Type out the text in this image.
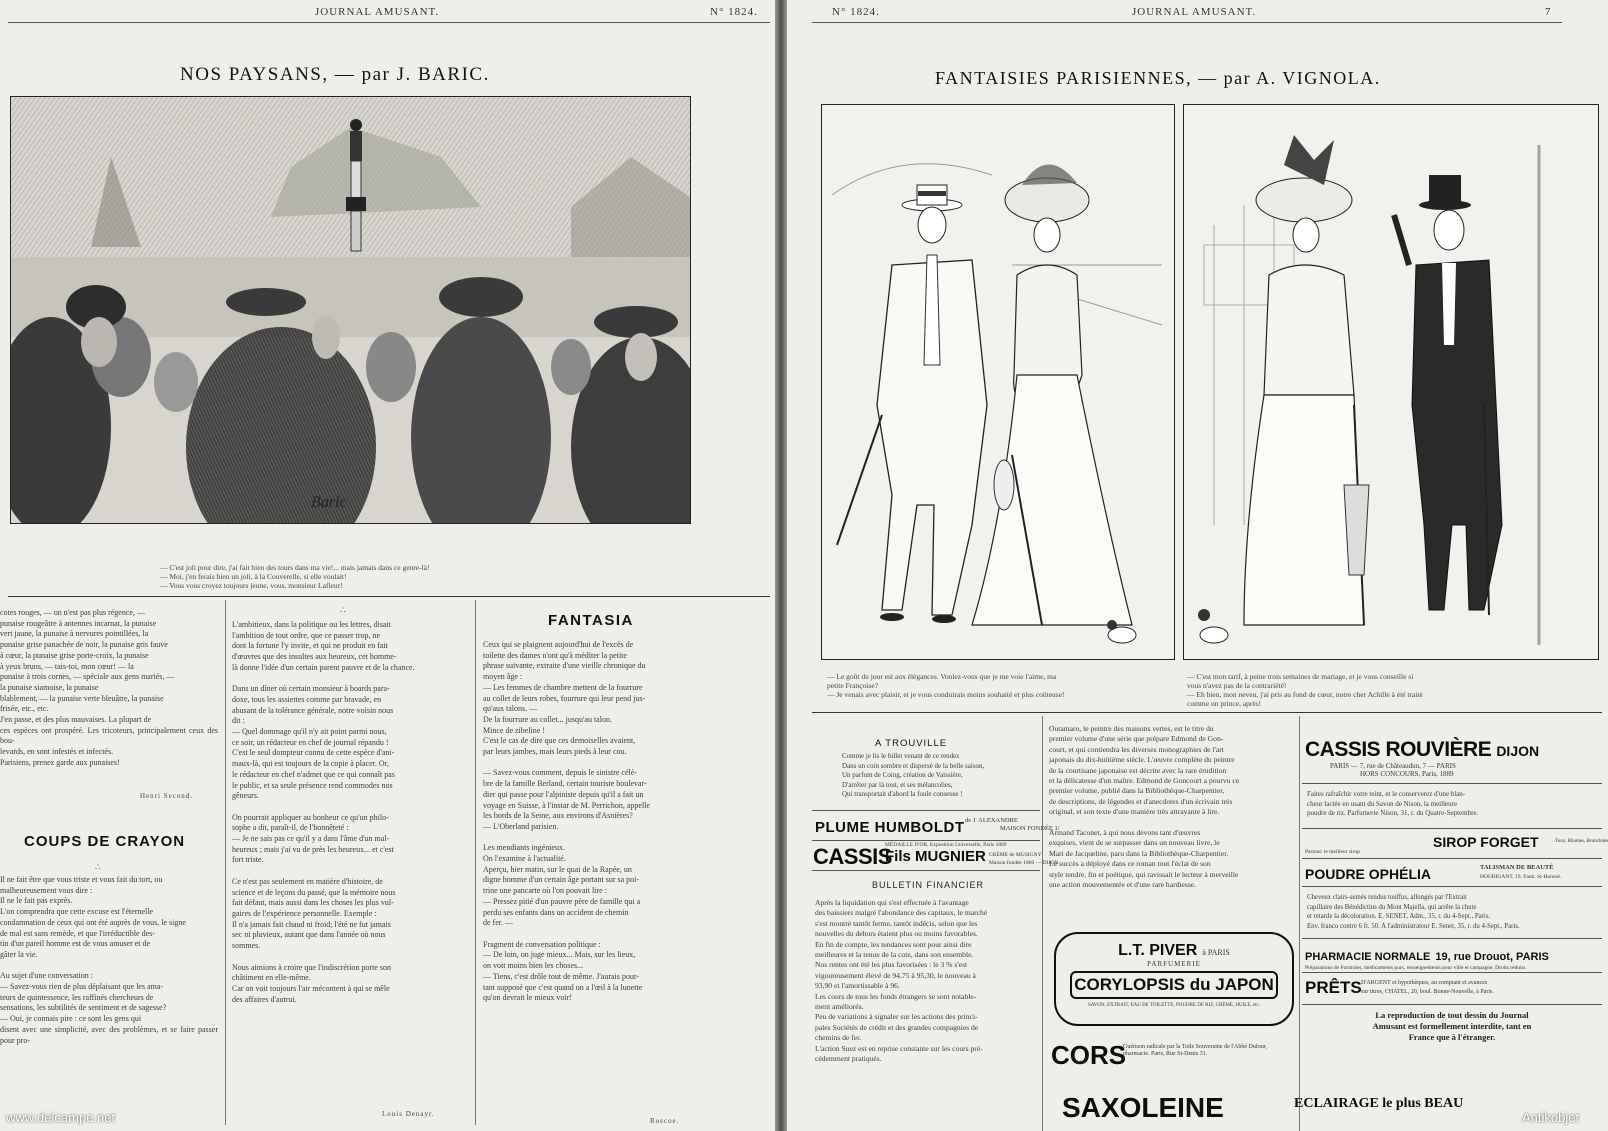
JOURNAL AMUSANT.	N° 1824.
NOS PAYSANS, — par J. BARIC.
Baric
— C'est joli pour dire, j'ai fait bien des tours dans ma vie!... mais jamais dans ce genre-là!
— Moi, j'en ferais bien un joli, à la Couverelle, si elle voulait!
— Vous vous croyez toujours jeune, vous, monsieur Lafleur!
cotes rouges, — on n'est pas plus régence, —
punaise rougeâtre à antennes incarnat, la punaise
vert jaune, la punaise à nervures pointillées, la
punaise grise panachée de noir, la punaise gris fauve
à cœur, la punaise grise porte-croix, la punaise
à yeux bruns, — tais-toi, mon cœur! — la
punaise à trois cornes, — spéciale aux gens mariés, —
la punaise siamoise, la punaise
blablement, — la punaise verte bleuâtre, la punaise
frisée, etc., etc.
J'en passe, et des plus mauvaises. La plupart de
ces espèces ont prospéré. Les tricoteurs, principalement ceux des bou-
levards, en sont infestés et infectés.
Parisiens, prenez garde aux punaises!
Henri Second.
COUPS DE CRAYON
∴
Il ne fait être que vous triste et vous fait du tort, ou
malheureusement vous dire :
Il ne le fait pas exprès.
L'on comprendra que cette excuse est l'éternelle
condamnation de ceux qui ont été auprès de vous, le signe
de mal est sans remède, et que l'irréductible des-
tin d'un pareil homme est de vous amuser et de
gâter la vie.

Au sujet d'une conversation :
— Savez-vous rien de plus déplaisant que les ama-
teurs de quintessence, les raffinés chercheurs de
sensations, les subtilités de sentiment et de sagesse?
— Oui, je connais pire : ce sont les gens qui
disent avec une simplicité, avec des problèmes, et se faire passer pour pro-
∴
L'ambitieux, dans la politique ou les lettres, disait
l'ambition de tout ordre, que ce passer trop, ne
dont la fortune l'y invite, et qui ne produit en fait
d'œuvres que des insultes aux heureux, cet homme-
là donne l'idée d'un certain parent pauvre et de la chance.

Dans un dîner où certain monsieur à boards para-
doxe, tous les assiettes comme par bravade, en
abusant de la tolérance générale, notre voisin nous
dit :
— Quel dommage qu'il n'y ait point parmi nous,
ce soir, un rédacteur en chef de journal répandu !
C'est le seul dompteur connu de cette espèce d'ani-
maux-là, qui est toujours de la copie à placer. Or,
le rédacteur en chef n'admet que ce qui connaît pas
le public, et sa seule présence rend commodes nos
gêneurs.

On pourrait appliquer au bonheur ce qu'un philo-
sophe a dit, paraît-il, de l'honnêteté :
— Je ne sais pas ce qu'il y a dans l'âme d'un mal-
heureux ; mais j'ai vu de près les heureux... et c'est
fort triste.

Ce n'est pas seulement en matière d'histoire, de
science et de leçons du passé, que la mémoire nous
fait défaut, mais aussi dans les choses les plus vul-
gaires de l'expérience personnelle. Exemple :
Il n'a jamais fait chaud ni froid; l'été ne fut jamais
sec ni pluvieux, autant que dans l'année où nous
sommes.

Nous aimions à croire que l'indiscrétion porte son
châtiment en elle-même.
Car on voit toujours l'air mécontent à qui se mêle
des affaires d'autrui.
Louis Denayr.
FANTASIA
Ceux qui se plaignent aujourd'hui de l'excès de
toilette des dames n'ont qu'à méditer la petite
phrase suivante, extraite d'une vieille chronique du
moyen âge :
— Les femmes de chambre mettent de la fourrure
au collet de leurs robes, fourrure qui leur pend jus-
qu'aux talons. —
De la fourrure au collet... jusqu'au talon.
Mince de zibeline !
C'est le cas de dire que ces demoiselles avaient,
par leurs jambes, mais leurs pieds à leur cou.

— Savez-vous comment, depuis le sinistre célè-
bre de la famille Berland, certain touriste boulevar-
dier qui passe pour l'alpiniste depuis qu'il a fait un
voyage en Suisse, à l'instar de M. Perrichon, appelle
les bords de la Seine, aux environs d'Asnières?
— L'Oberland parisien.

Les mendiants ingénieux.
On l'examine à l'actualité.
Aperçu, hier matin, sur le quai de la Rapée, un
digne homme d'un certain âge portant sur sa poi-
trine une pancarte où l'on pouvait lire :
— Pressez pitié d'un pauvre père de famille qui a
perdu ses enfants dans un accident de chemin
de fer. —

Fragment de conversation politique :
— De loin, on juge mieux... Mais, sur les lieux,
on voit moins bien les choses...
— Tiens, c'est drôle tout de même. J'aurais pour-
tant supposé que c'est quand on a l'œil à la lunette
qu'on devrait le mieux voir!
Roscoe.
www.delcampe.net
N° 1824.	JOURNAL AMUSANT.	7
FANTAISIES PARISIENNES, — par A. VIGNOLA.
— Le goût du jour est aux élégances. Voulez-vous que je me voie l'aime, ma
petite Françoise?
— Je venais avec plaisir, et je vous conduirais moins souhaité et plus coûteuse!
— C'est mon tarif, à peine trois semaines de mariage, et je vous conseille si
vous n'avez pas de la contrariété!
— Eh bien, mon neveu, j'ai pris au fond de cœur, notre cher Achille à été traité
comme un prince, après!
A TROUVILLE
Comme je lis le billet venant de ce rendez
Dans un coin sombre et dispersé de la belle saison,
Un parfum de Coing, création de Vaissière,
D'arrêter par là tout, et ses mélancolies,
Qui transportait d'abord la foule conseuse !
PLUME HUMBOLDT de J. ALEXANDRE
MAISON FONDÉE 1/
CASSIS
Fils MUGNIER
MÉDAILLE D'OR, Exposition Universelle, Paris 1889
CRÈME de MUSIGNY
Maison fondée 1860 — DIJON
BULLETIN FINANCIER
Après la liquidation qui s'est effectuée à l'avantage
des baissiers malgré l'abondance des capitaux, le marché
s'est montré tantôt ferme, tantôt indécis, selon que les
nouvelles du dehors étaient plus ou moins favorables.
En fin de compte, les tendances sont pour ainsi dire
meilleures et la tenue de la cote, dans son ensemble.
Nos rentes ont été les plus favorisées : le 3 % s'est
vigoureusement élevé de 94,75 à 95,30, le nouveau à
93,90 et l'amortissable à 96.
Les cours de tous les fonds étrangers se sont notable-
ment améliorés.
Peu de variations à signaler sur les actions des princi-
pales Sociétés de crédit et des grandes compagnies de
chemins de fer.
L'action Suez est en reprise constante sur les cours pré-
cédemment pratiqués.
Outamaro, le peintre des maisons vertes, est le titre du
premier volume d'une série que prépare Edmond de Gon-
court, et qui contiendra les diverses monographies de l'art
japonais du dix-huitième siècle. L'œuvre complète du peintre
de la courtisane japonaise est décrite avec la rare érudition
et la délicatesse d'un maître. Edmond de Goncourt a pourvu ce
premier volume, publié dans la Bibliothèque-Charpentier,
de descriptions, de légendes et d'anecdotes d'un écrivain très
original, et son texte d'une manière très attrayante à lire.

Armand Taconet, à qui nous devons tant d'œuvres
exquises, vient de se surpasser dans un nouveau livre, le
Mari de Jacqueline, paru dans la Bibliothèque-Charpentier.
Le succès a déployé dans ce roman tout l'éclat de son
style tendre, fin et poétique, qui ravissait le lecteur à merveille
une action mouvementée et d'une rare hardiesse.
L.T. PIVER à PARIS
PARFUMERIE
CORYLOPSIS du JAPON
SAVON, EXTRAIT, EAU DE TOILETTE, POUDRE DE RIZ, CRÈME, HUILE, etc.
CORS
Guérison radicale par la Toile Souveraine de l'Abbé Dufour, pharmacie. Paris, Rue St-Denis 31.
CASSIS ROUVIÈRE DIJON
PARIS — 7, rue de Châteaudun, 7 — PARIS
HORS CONCOURS, Paris, 1889
Faites rafraîchir votre teint, et le conserverez d'une blan-
cheur lactée en usant du Savon de Nison, la meilleure
poudre de riz. Parfumerie Nison, 31, r. du Quatre-Septembre.
Partout: le meilleur sirop
SIROP FORGET	Toux, Rhumes, Bronchites
POUDRE OPHÉLIA	TALISMAN DE BEAUTÉ
HOUBIGANT, 19, Faub. St-Honoré.
Cheveux clairs-semés rendus touffus, allongés par l'Extrait
capillaire des Bénédictins du Mont Majella, qui arrête la chute
et retarde la décoloration. E. SENET, Adm., 35, r. du 4-Sept., Paris.
Env. franco contre 6 fr. 50. A l'administrateur E. Senet, 35, r. du 4-Sept., Paris.
PHARMACIE NORMALE 19, rue Drouot, PARIS
Préparations de Formules, médicaments purs, renseignements pour ville et campagne, Droits réduits.
PRÊTS D'ARGENT et hypothèques, au comptant et avances
sur titres, CHATEL, 20, boul. Bonne-Nouvelle, à Paris.
La reproduction de tout dessin du Journal
Amusant est formellement interdite, tant en
France que à l'étranger.
SAXOLEINE	ECLAIRAGE le plus BEAU
Antikobjet
